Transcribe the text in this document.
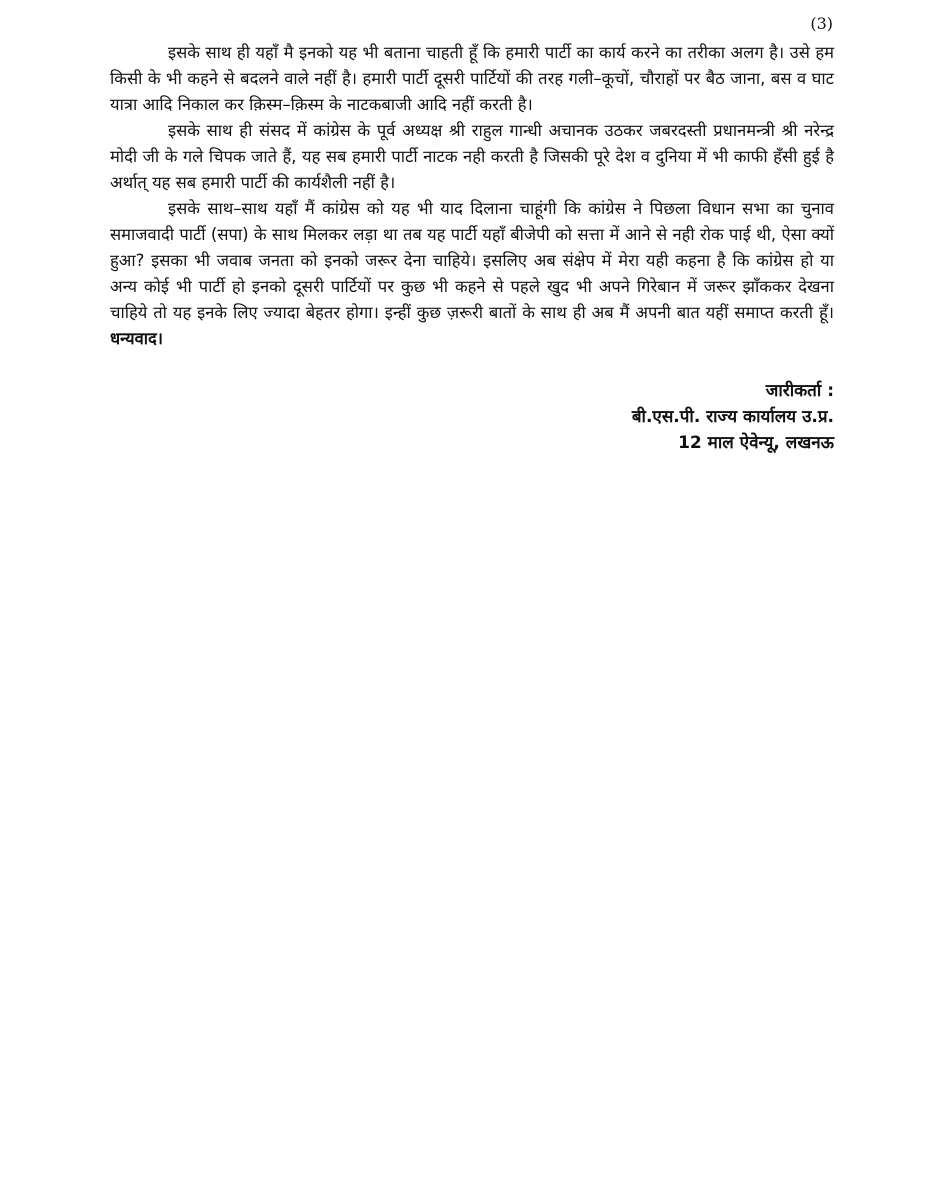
(3)

इसके साथ ही यहाँ मै इनको यह भी बताना चाहती हूँ कि हमारी पार्टी का कार्य करने का तरीका अलग है। उसे हम किसी के भी कहने से बदलने वाले नहीं है। हमारी पार्टी दूसरी पार्टियों की तरह गली–कूचों, चौराहों पर बैठ जाना, बस व घाट यात्रा आदि निकाल कर क़िस्म–क़िस्म के नाटकबाजी आदि नहीं करती है।

इसके साथ ही संसद में कांग्रेस के पूर्व अध्यक्ष श्री राहुल गान्धी अचानक उठकर जबरदस्ती प्रधानमन्त्री श्री नरेन्द्र मोदी जी के गले चिपक जाते हैं, यह सब हमारी पार्टी नाटक नही करती है जिसकी पूरे देश व दुनिया में भी काफी हँसी हुई है अर्थात् यह सब हमारी पार्टी की कार्यशैली नहीं है।

इसके साथ–साथ यहाँ मैं कांग्रेस को यह भी याद दिलाना चाहूंगी कि कांग्रेस ने पिछला विधान सभा का चुनाव समाजवादी पार्टी (सपा) के साथ मिलकर लड़ा था तब यह पार्टी यहाँ बीजेपी को सत्ता में आने से नही रोक पाई थी, ऐसा क्यों हुआ? इसका भी जवाब जनता को इनको जरूर देना चाहिये। इसलिए अब संक्षेप में मेरा यही कहना है कि कांग्रेस हो या अन्य कोई भी पार्टी हो इनको दूसरी पार्टियों पर कुछ भी कहने से पहले खुद भी अपने गिरेबान में जरूर झाँककर देखना चाहिये तो यह इनके लिए ज्यादा बेहतर होगा। इन्हीं कुछ ज़रूरी बातों के साथ ही अब मैं अपनी बात यहीं समाप्त करती हूँ। धन्यवाद।

जारीकर्ता :
बी.एस.पी. राज्य कार्यालय उ.प्र.
12 माल ऐवेन्यू, लखनऊ
